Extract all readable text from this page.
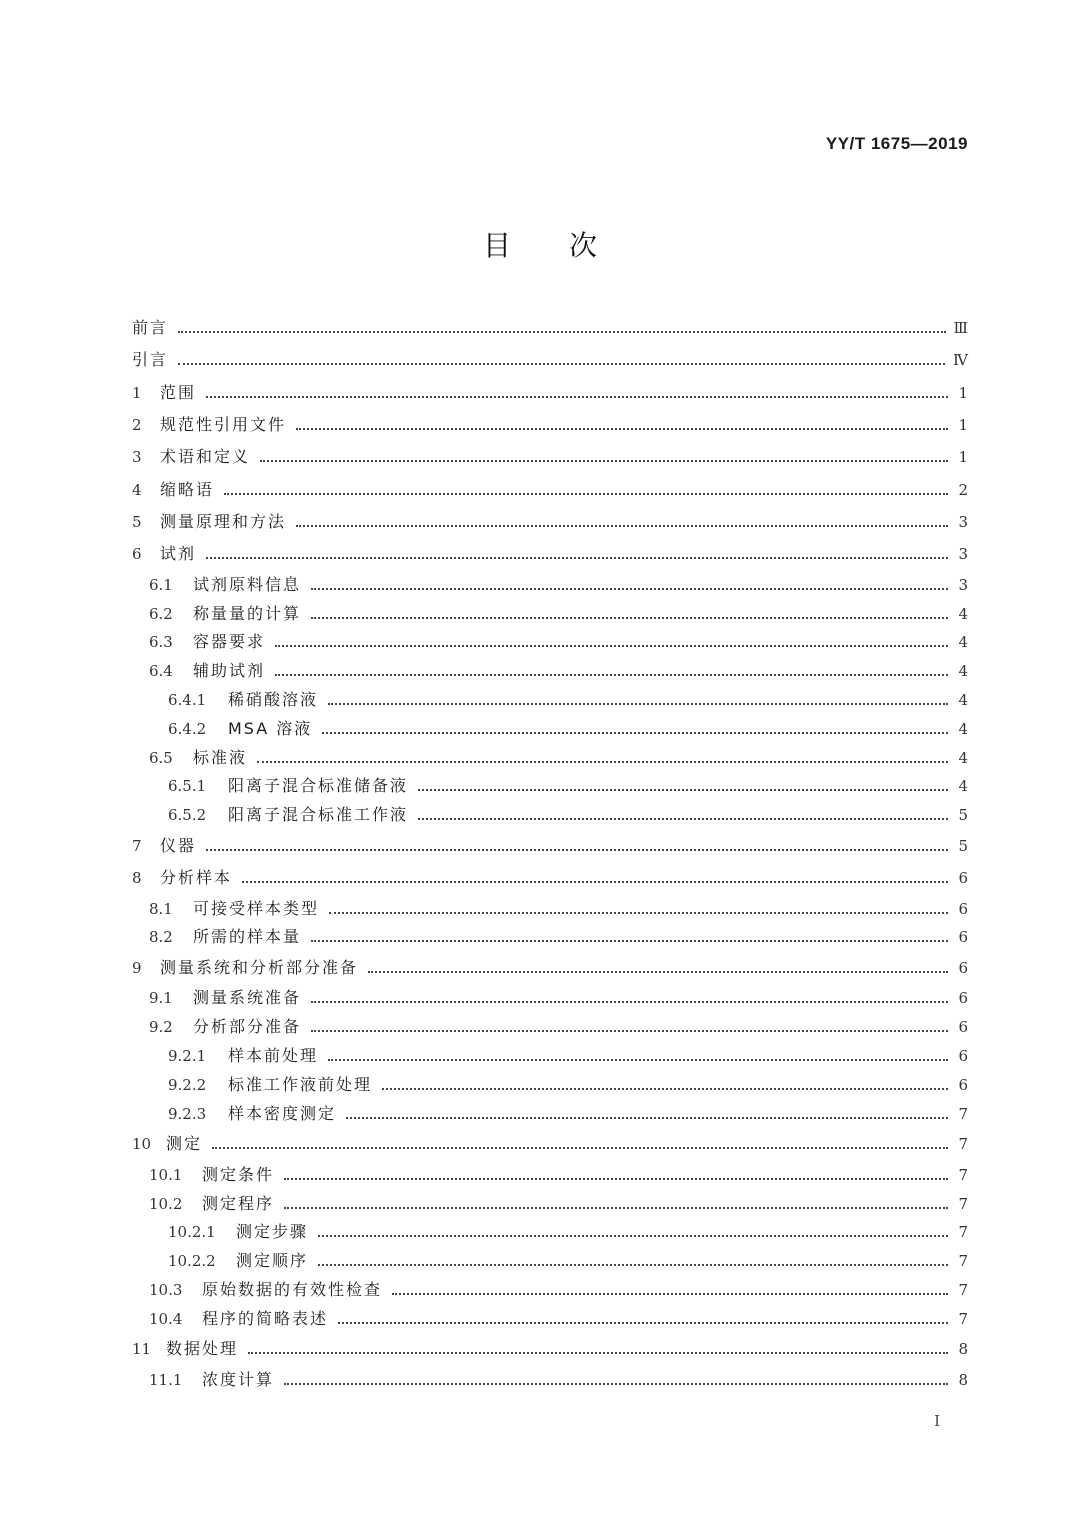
YY/T 1675—2019
目次
前言	Ⅲ
引言	Ⅳ
1	范围	1
2	规范性引用文件	1
3	术语和定义	1
4	缩略语	2
5	测量原理和方法	3
6	试剂	3
6.1	试剂原料信息	3
6.2	称量量的计算	4
6.3	容器要求	4
6.4	辅助试剂	4
6.4.1	稀硝酸溶液	4
6.4.2	MSA 溶液	4
6.5	标准液	4
6.5.1	阳离子混合标准储备液	4
6.5.2	阳离子混合标准工作液	5
7	仪器	5
8	分析样本	6
8.1	可接受样本类型	6
8.2	所需的样本量	6
9	测量系统和分析部分准备	6
9.1	测量系统准备	6
9.2	分析部分准备	6
9.2.1	样本前处理	6
9.2.2	标准工作液前处理	6
9.2.3	样本密度测定	7
10 测定	7
10.1	测定条件	7
10.2	测定程序	7
10.2.1	测定步骤	7
10.2.2	测定顺序	7
10.3	原始数据的有效性检查	7
10.4	程序的简略表述	7
11 数据处理	8
11.1	浓度计算	8
I
